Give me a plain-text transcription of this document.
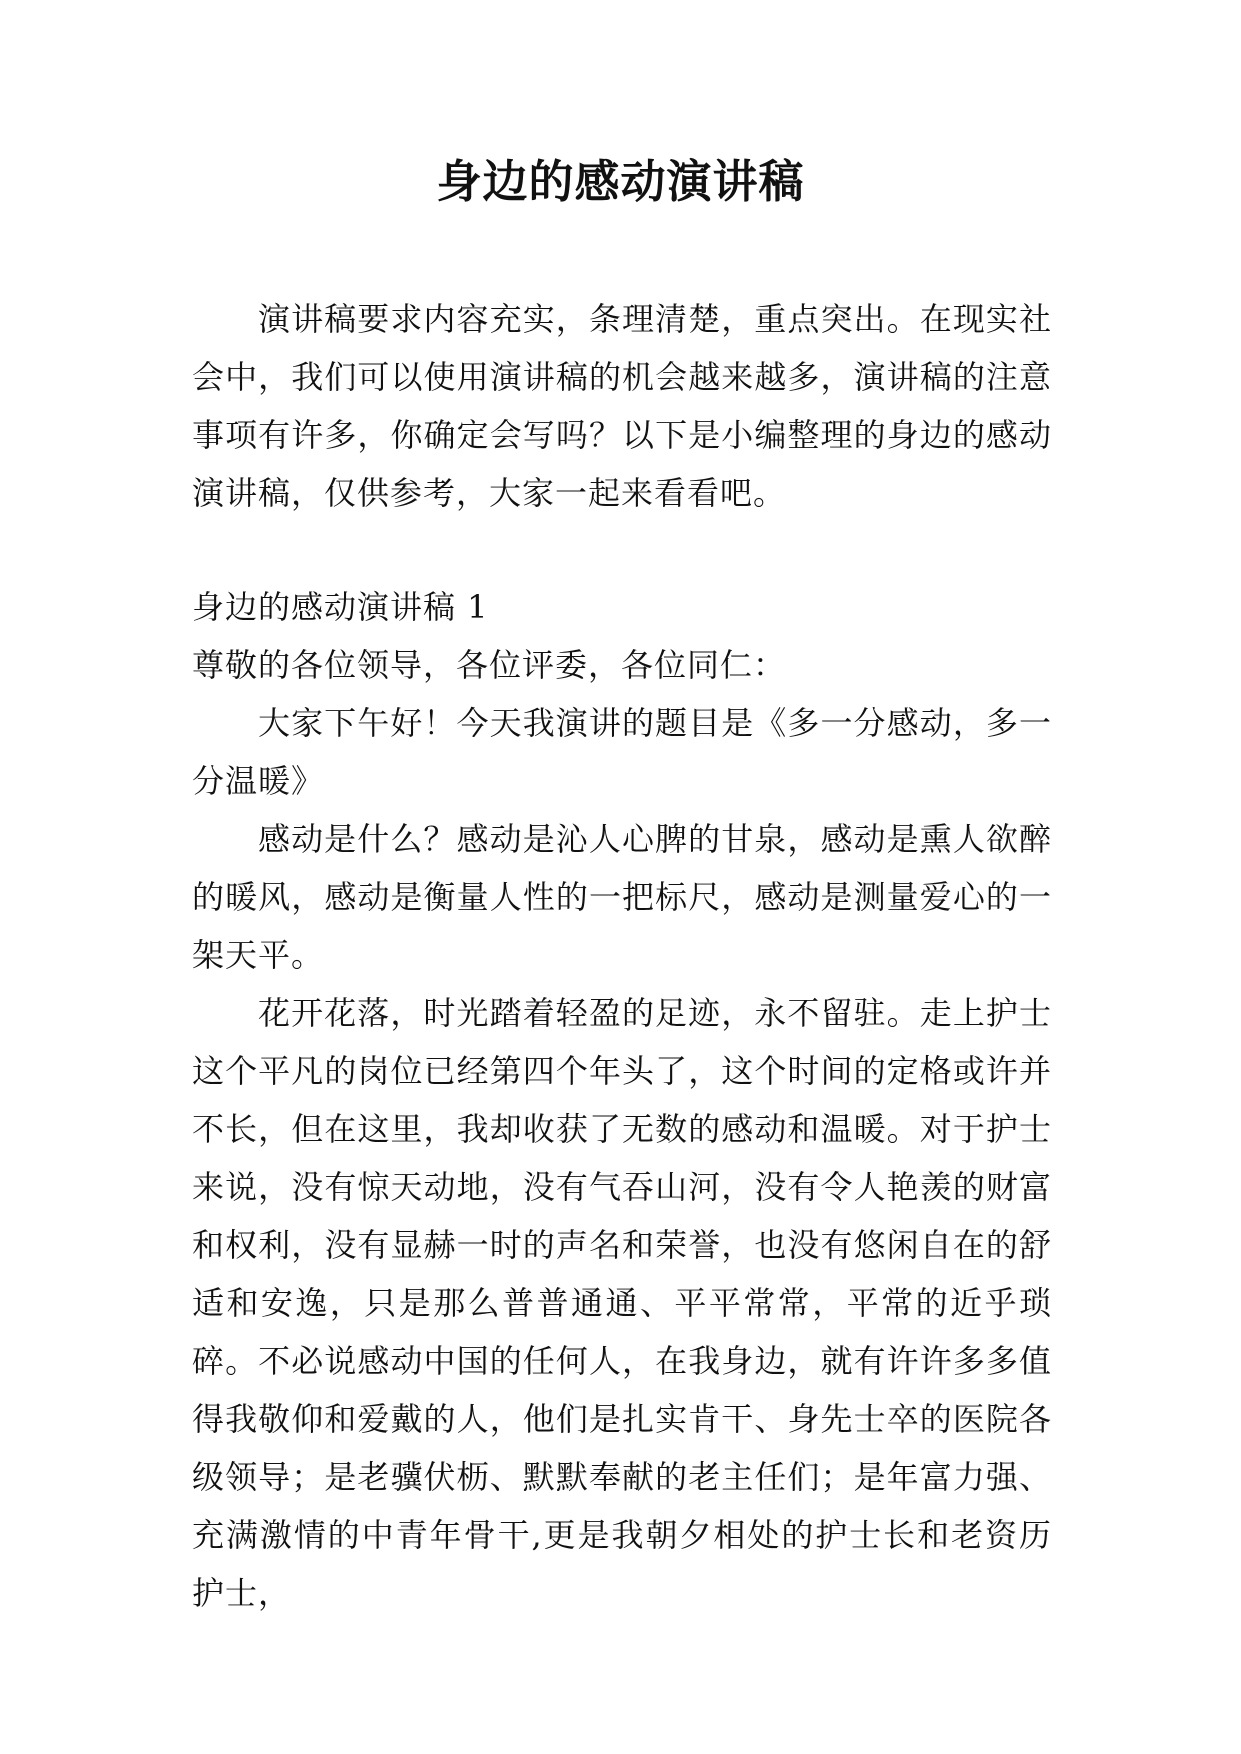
身边的感动演讲稿

演讲稿要求内容充实，条理清楚，重点突出。在现实社会中，我们可以使用演讲稿的机会越来越多，演讲稿的注意事项有许多，你确定会写吗？以下是小编整理的身边的感动演讲稿，仅供参考，大家一起来看看吧。

身边的感动演讲稿 1

尊敬的各位领导，各位评委，各位同仁：

大家下午好！今天我演讲的题目是《多一分感动，多一分温暖》

感动是什么？感动是沁人心脾的甘泉，感动是熏人欲醉的暖风，感动是衡量人性的一把标尺，感动是测量爱心的一架天平。

花开花落，时光踏着轻盈的足迹，永不留驻。走上护士这个平凡的岗位已经第四个年头了，这个时间的定格或许并不长，但在这里，我却收获了无数的感动和温暖。对于护士来说，没有惊天动地，没有气吞山河，没有令人艳羡的财富和权利，没有显赫一时的声名和荣誉，也没有悠闲自在的舒适和安逸，只是那么普普通通、平平常常，平常的近乎琐碎。不必说感动中国的任何人，在我身边，就有许许多多值得我敬仰和爱戴的人，他们是扎实肯干、身先士卒的医院各级领导；是老骥伏枥、默默奉献的老主任们；是年富力强、充满激情的中青年骨干,更是我朝夕相处的护士长和老资历护士，
